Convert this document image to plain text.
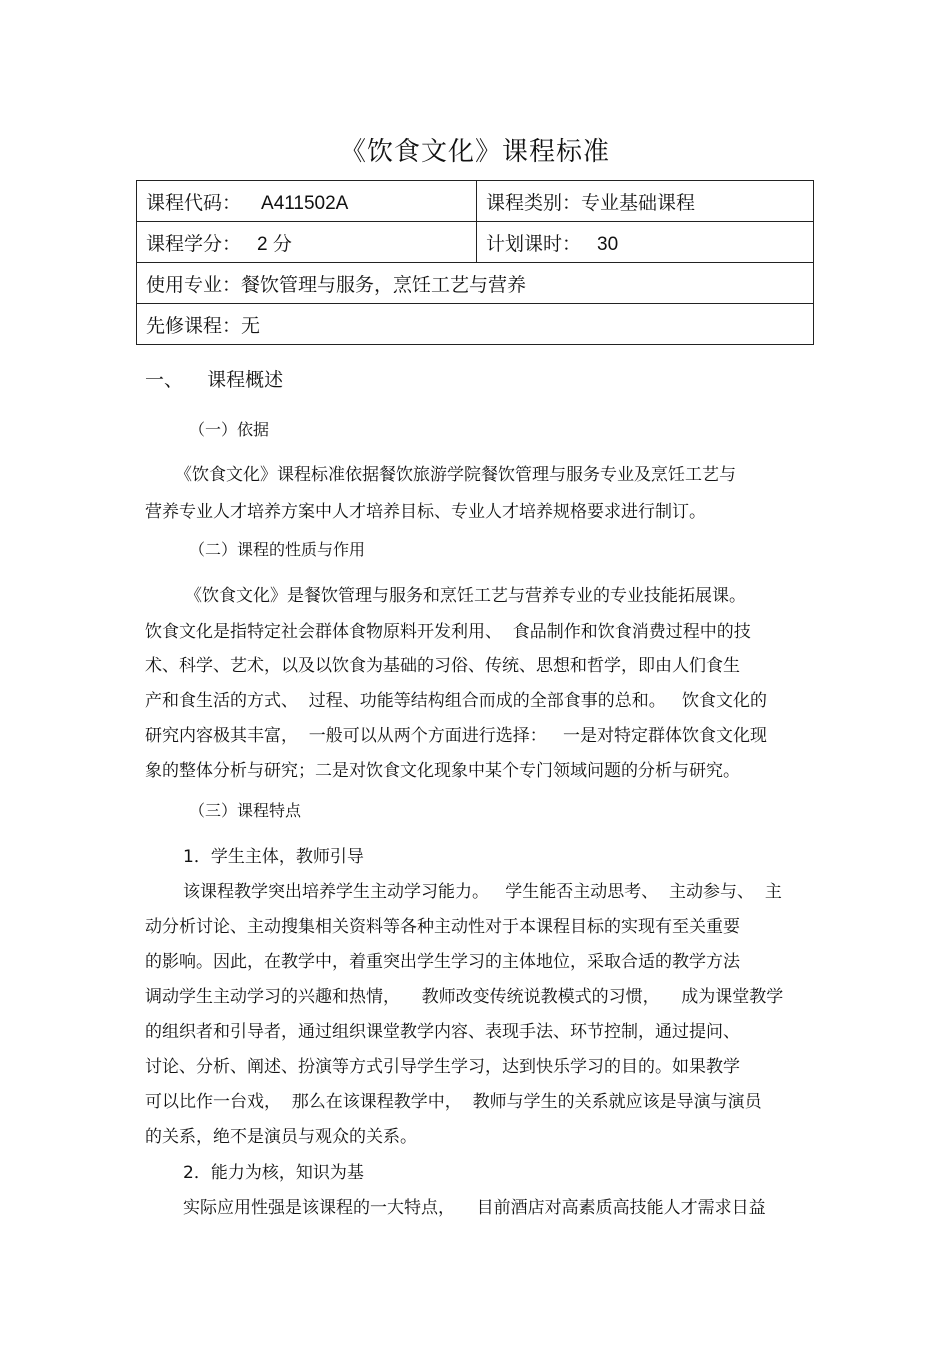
《饮食文化》课程标准
课程代码： A411502A	课程类别：专业基础课程
课程学分： 2 分	计划课时： 30
使用专业：餐饮管理与服务，烹饪工艺与营养	
先修课程：无	
一、    课程概述
（一）依据
《饮食文化》课程标准依据餐饮旅游学院餐饮管理与服务专业及烹饪工艺与
营养专业人才培养方案中人才培养目标、专业人才培养规格要求进行制订。
（二）课程的性质与作用
《饮食文化》是餐饮管理与服务和烹饪工艺与营养专业的专业技能拓展课。
饮食文化是指特定社会群体食物原料开发利用、  食品制作和饮食消费过程中的技
术、科学、艺术，以及以饮食为基础的习俗、传统、思想和哲学，即由人们食生
产和食生活的方式、  过程、功能等结构组合而成的全部食事的总和。   饮食文化的
研究内容极其丰富，  一般可以从两个方面进行选择：   一是对特定群体饮食文化现
象的整体分析与研究；二是对饮食文化现象中某个专门领域问题的分析与研究。
（三）课程特点
1．学生主体，教师引导
该课程教学突出培养学生主动学习能力。   学生能否主动思考、  主动参与、  主
动分析讨论、主动搜集相关资料等各种主动性对于本课程目标的实现有至关重要
的影响。因此，在教学中，着重突出学生学习的主体地位，采取合适的教学方法
调动学生主动学习的兴趣和热情，    教师改变传统说教模式的习惯，    成为课堂教学
的组织者和引导者，通过组织课堂教学内容、表现手法、环节控制，通过提问、
讨论、分析、阐述、扮演等方式引导学生学习，达到快乐学习的目的。如果教学
可以比作一台戏，  那么在该课程教学中，  教师与学生的关系就应该是导演与演员
的关系，绝不是演员与观众的关系。
2．能力为核，知识为基
实际应用性强是该课程的一大特点，    目前酒店对高素质高技能人才需求日益
